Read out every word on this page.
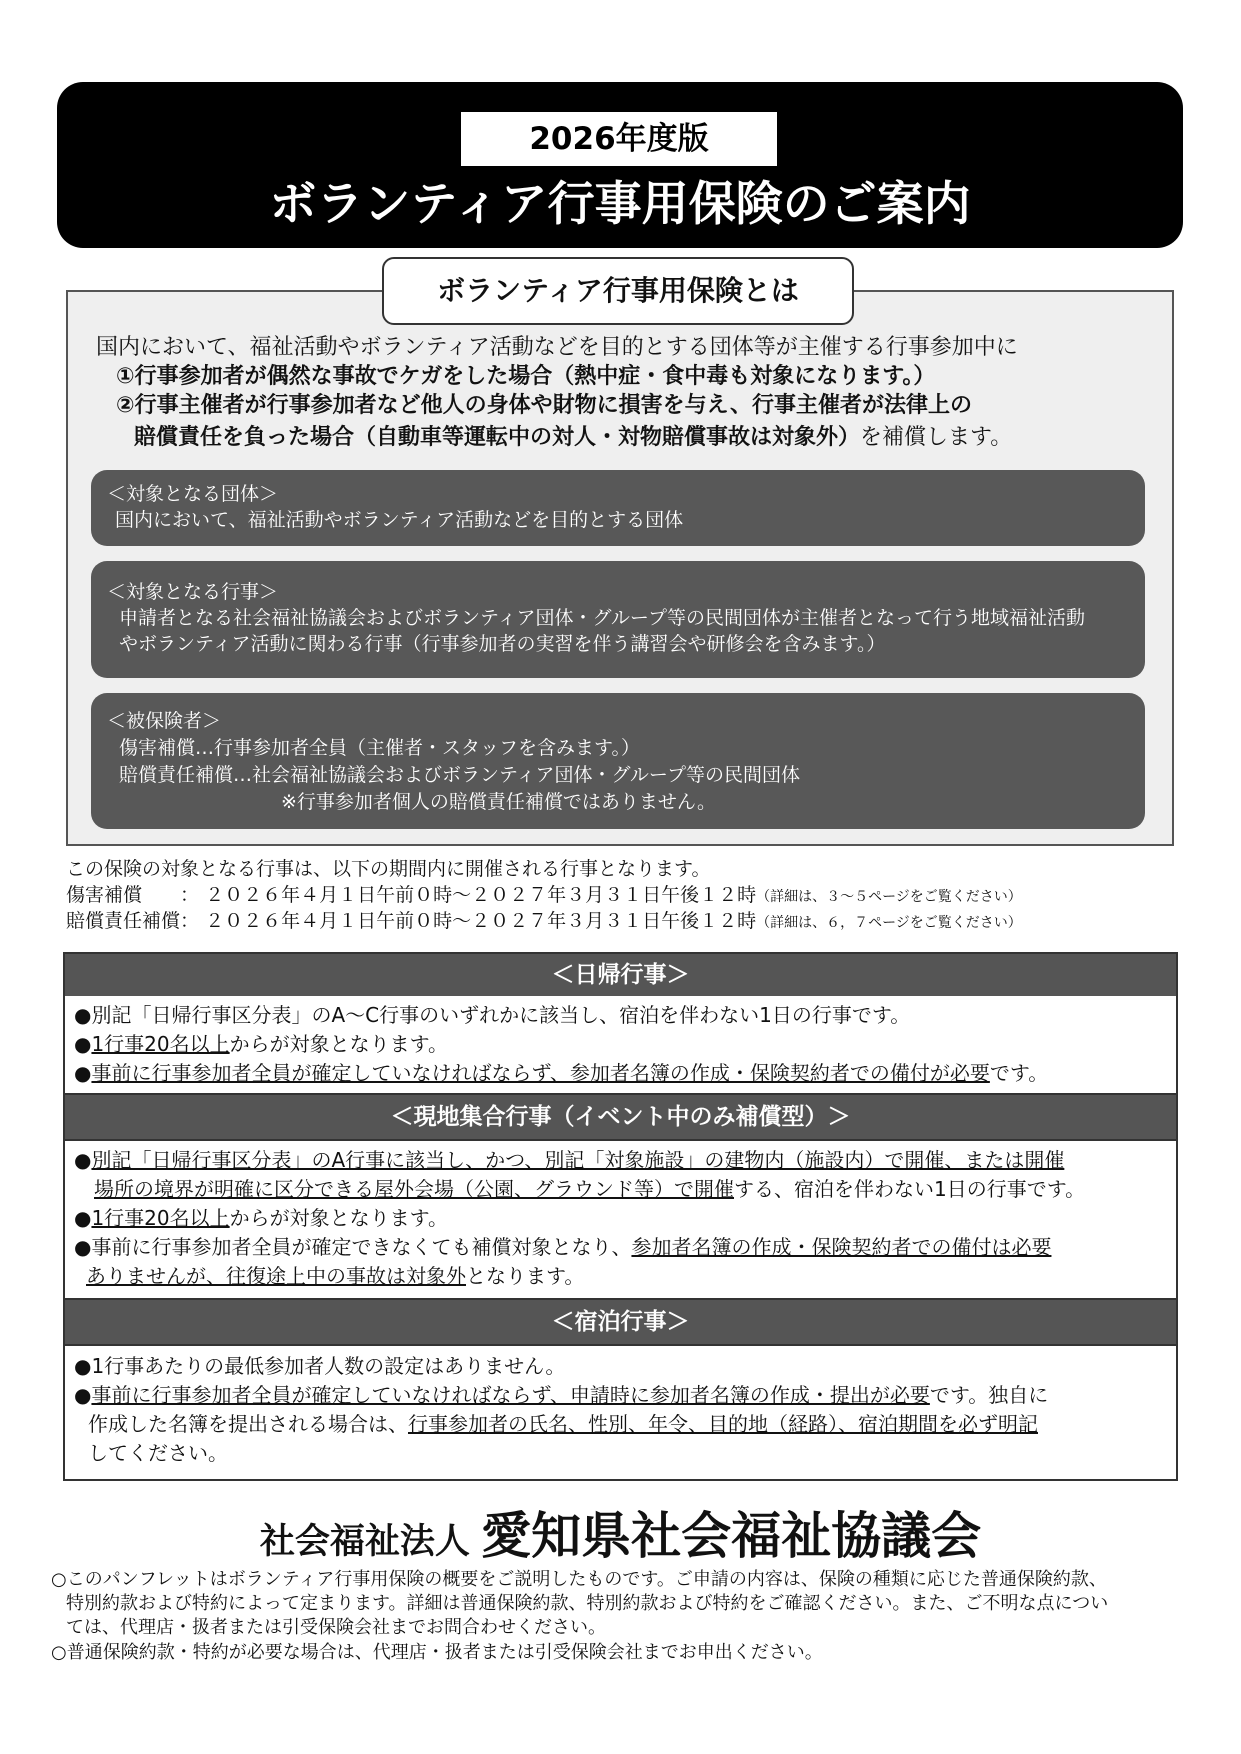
2026年度版
ボランティア行事用保険のご案内
ボランティア行事用保険とは
国内において、福祉活動やボランティア活動などを目的とする団体等が主催する行事参加中に
①行事参加者が偶然な事故でケガをした場合（熱中症・食中毒も対象になります。）
②行事主催者が行事参加者など他人の身体や財物に損害を与え、行事主催者が法律上の
賠償責任を負った場合（自動車等運転中の対人・対物賠償事故は対象外）を補償します。
＜対象となる団体＞
国内において、福祉活動やボランティア活動などを目的とする団体
＜対象となる行事＞
申請者となる社会福祉協議会およびボランティア団体・グループ等の民間団体が主催者となって行う地域福祉活動
やボランティア活動に関わる行事（行事参加者の実習を伴う講習会や研修会を含みます。）
＜被保険者＞
傷害補償…行事参加者全員（主催者・スタッフを含みます。）
賠償責任補償…社会福祉協議会およびボランティア団体・グループ等の民間団体
※行事参加者個人の賠償責任補償ではありません。
この保険の対象となる行事は、以下の期間内に開催される行事となります。
傷害補償　　： ２０２６年４月１日午前０時～２０２７年３月３１日午後１２時（詳細は、３～５ページをご覧ください）
賠償責任補償： ２０２６年４月１日午前０時～２０２７年３月３１日午後１２時（詳細は、６，７ページをご覧ください）
＜日帰行事＞
●別記「日帰行事区分表」のA～C行事のいずれかに該当し、宿泊を伴わない1日の行事です。
●1行事20名以上からが対象となります。
●事前に行事参加者全員が確定していなければならず、参加者名簿の作成・保険契約者での備付が必要です。
＜現地集合行事（イベント中のみ補償型）＞
●別記「日帰行事区分表」のA行事に該当し、かつ、別記「対象施設」の建物内（施設内）で開催、または開催
場所の境界が明確に区分できる屋外会場（公園、グラウンド等）で開催する、宿泊を伴わない1日の行事です。
●1行事20名以上からが対象となります。
●事前に行事参加者全員が確定できなくても補償対象となり、参加者名簿の作成・保険契約者での備付は必要
ありませんが、往復途上中の事故は対象外となります。
＜宿泊行事＞
●1行事あたりの最低参加者人数の設定はありません。
●事前に行事参加者全員が確定していなければならず、申請時に参加者名簿の作成・提出が必要です。独自に
作成した名簿を提出される場合は、行事参加者の氏名、性別、年令、目的地（経路）、宿泊期間を必ず明記
してください。
社会福祉法人 愛知県社会福祉協議会
○このパンフレットはボランティア行事用保険の概要をご説明したものです。ご申請の内容は、保険の種類に応じた普通保険約款、
特別約款および特約によって定まります。詳細は普通保険約款、特別約款および特約をご確認ください。また、ご不明な点につい
ては、代理店・扱者または引受保険会社までお問合わせください。
○普通保険約款・特約が必要な場合は、代理店・扱者または引受保険会社までお申出ください。
